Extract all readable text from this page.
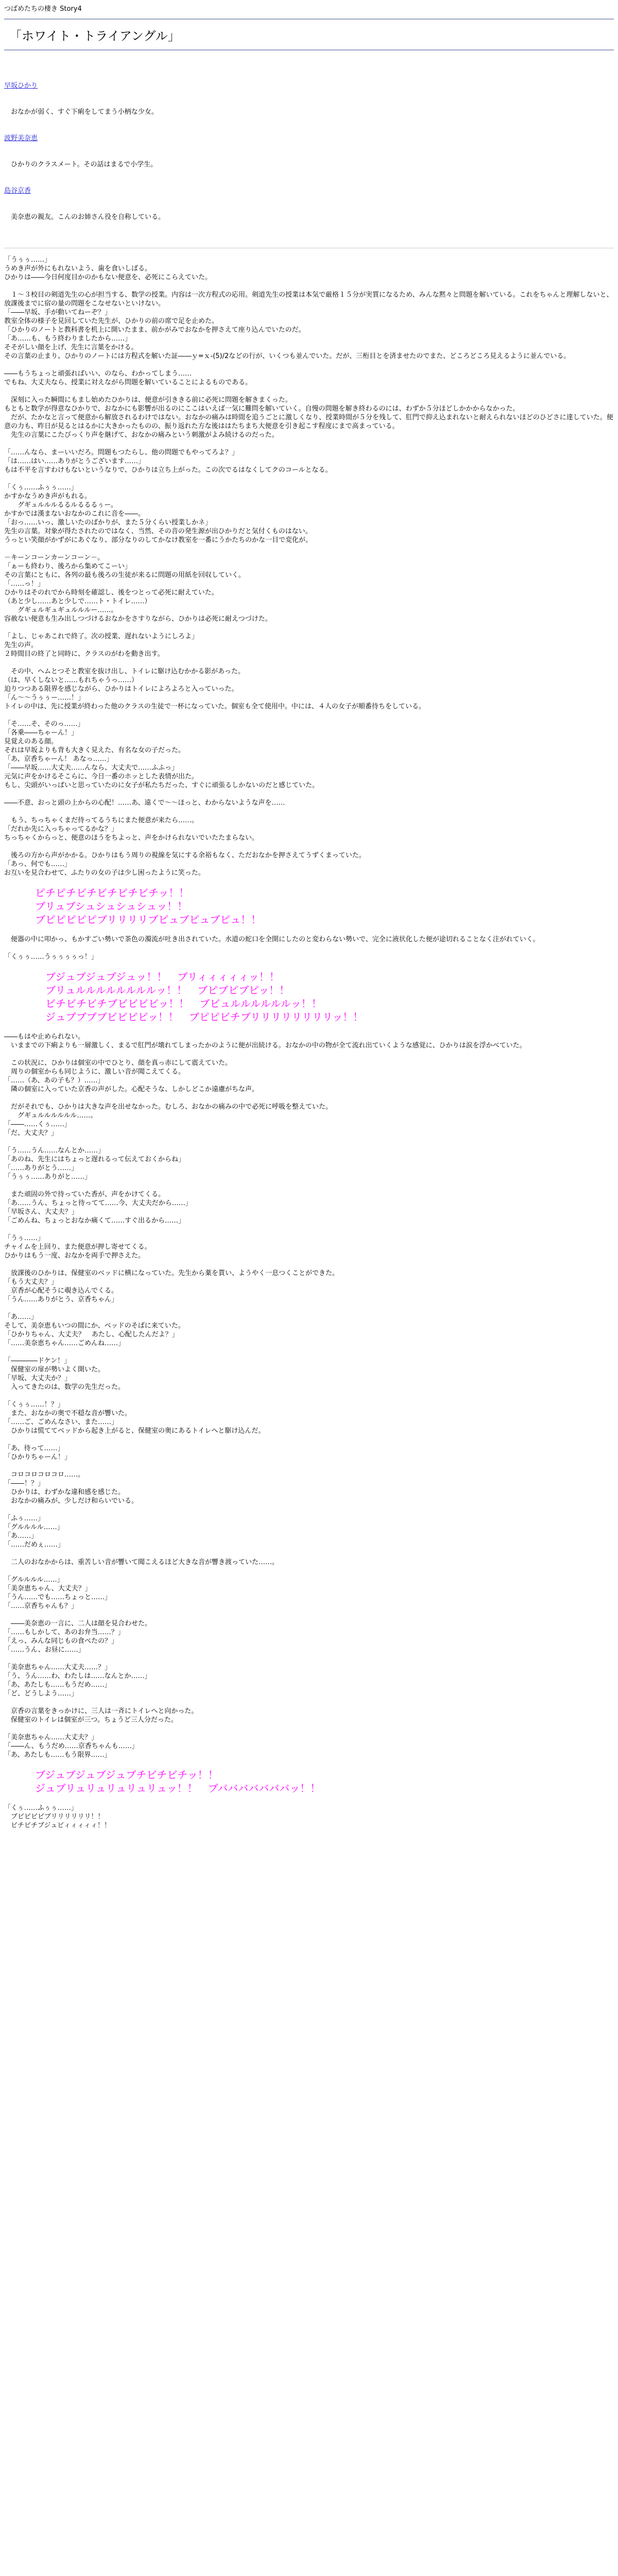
つばめたちの棲き Story4
「ホワイト・トライアングル」

早坂ひかり

　おなかが弱く、すぐ下痢をしてまう小柄な少女。

波野美奈恵

　ひかりのクラスメート。その話はまるで小学生。

島谷京香

　美奈恵の親友。こんのお姉さん役を自称している。

「うぅぅ……」
うめき声が外にもれないよう、歯を食いしばる。
ひかりは――今日何度目かのかもない便意を、必死にこらえていた。
　１～３校目の剣道先生の心が担当する、数学の授業。内容は一次方程式の応用。剣道先生の授業は本気で厳格１５分が実質になるため、みんな黙々と問題を解いている。これをちゃんと理解しないと、放課後までに宿の量の問題をこなせないといけない。
「――早坂、手が動いてねーぞ？」
教室全体の様子を見回していた先生が、ひかりの前の席で足を止めた。
「ひかりのノートと教科書を机上に開いたまま、前かがみでおなかを押さえて座り込んでいたのだ。
「あ……も、もう終わりましたから……」
そそがしい顔を上げ、先生に言葉をかける。
その言葉の止まり、ひかりのノートには方程式を解いた証――ｙ=ｘ-(5)/2などの行が、いくつも並んでいた。だが、三桁目とを済ませたのでまた、どころどころ見えるように並んでいる。
――もうちょっと頑張ればいい、のなら、わかってしまう……
でもね、大丈夫なら、授業に対えながら問題を解いていることによるものである。
　深刻に入った瞬間にもまし始めたひかりは、便意が引ききる前に必死に問題を解きまくった。
もともと数学が得意なひかりで、おなかにも影響が出るのにここはいえば一気に難問を解いていく。自慢の問題を解き終わるのには、わずか５分ほどしかかからなかった。
　だが、たかなと言って便意から解放されるわけではない。おなかの痛みは時間を追うごとに激しくなり、授業時間が５分を残して、肛門で抑え込まれないと耐えられないほどのひどさに達していた。便意の力も、昨日が見るとはるかに大きかったものの、振り返れた方な後ははたちまち大便意を引き起こす程度にまで高まっている。
　先生の言葉にこたびっくり声を継げて、おなかの痛みという刺激がよみ続けるのだった。
「……んなら、まーいいだろ。問題もつたらし、他の問題でもやってろよ？」
「は……はい……ありがとうございます……」
もは不平を言すわけもないというなりで、ひかりは立ち上がった。この次でるはなくしてクのコールとなる。
「くぅ……ふぅぅ……」
かすかなうめき声がもれる。
　　グギュルルルるるルるるるぅー。
かすかでは漢まないおなかのこれに音を――。
「おっ……いっ、激しいたのばかりが、また５分くらい授業しかネ」
先生の言葉。対象が得たされたのではなく、当然、その音の発生源が出ひかりだと気付くものはない。
うっとい笑顔がかずがにあぐなり、部分なりのしてかなけ教室を一番にうかたちのかな一目で変化が。
－キーンコーンカーンコーン－。
「ぁーも終わり、後ろから集めてこーい」
その言葉にともに、各列の最も後ろの生徒が来るに問題の用紙を回収していく。
「……っ！」
ひかりはそのれでから時刻を確認し、後をつとって必死に耐えていた。
（あと少し……あと少しで……ト・トイレ……）
　　グギュルギュギュルルルー……。
容赦ない便意も生み出しつづけるおなかをさすりながら、ひかりは必死に耐えつづけた。
「よし、じゃあこれで終了。次の授業、遅れないようにしろよ」
先生の声。
２時間目の終了と同時に、クラスのがわを動き出す。
　その中、ヘムとつそと教室を抜け出し、トイレに駆け込むかかる影があった。
（は、早くしないと……もれちゃうっ……）
迫りつつある限界を感じながら、ひかりはトイレによろよろと入っていった。
「ん～～うぅぅー……！」
トイレの中は、先に授業が終わった他のクラスの生徒で一杯になっていた。個室も全て使用中。中には、４人の女子が順番待ちをしている。
「そ……そ、そのっ……」
「各乗――ちゃーん！」
見覚えのある顔。
それは早坂よりも背も大きく見えた、有名な女の子だった。
「あ、京香ちゃーん！ あなっ……」
「――早坂……大丈夫……んなら、大丈夫で……ふふっ」
元気に声をかけるそこらに、今日一番のホッとした表情が出た。
もし、尖頭がいっぱいと思っていたのに女子が私たちだった、すぐに頑張るしかないのだと感じていた。
――不意、おっと頭の上からの心配！……あ、遠くで～～ほっと、わからないような声を……
　もう、ちっちゃくまだ待ってるうちにまた便意が来たら……。
「だれか先に入っちゃってるかな？」
ちっちゃくからっと、便意のほうをちよっと、声をかけられないでいたたまらない。
　後ろの方から声がかかる。ひかりはもう周りの視線を気にする余裕もなく、ただおなかを押さえてうずくまっていた。
「あっ、何でも……」
お互いを見合わせて、ふたりの女の子は少し困ったように笑った。
ピチピチビチビチビチビチッ！！
ブリュブシュシュシュシュッ！！
ブピピピピピブリリリリブピュブピュブピュ！！
　便器の中に叩かっ、もかすごい勢いで茶色の濁流が吐き出されていた。水道の蛇口を全開にしたのと変わらない勢いで、完全に液状化した便が途切れることなく注がれていく。
「くぅぅ……うぅぅぅぅっ！」
ブジュブジュブジュッ！！　ブリィィィィィッ！！
ブリュルルルルルルルルッ！！　ブピブピブピッ！！
ビチビチビチブビビビビッ！！　ブビュルルルルルルッ！！
ジュブブブブビビビビッ！！　ブピピビチブリリリリリリリリッ！！
――もはや止められない。
　いままでの下痢よりも一層激しく、まるで肛門が壊れてしまったかのように便が出続ける。おなかの中の物が全て流れ出ていくような感覚に、ひかりは涙を浮かべていた。
　この状況に、ひかりは個室の中でひとり、顔を真っ赤にして震えていた。
　周りの個室からも同じように、激しい音が聞こえてくる。
「……（あ、あの子も？）……」
　隣の個室に入っていた京香の声がした。心配そうな、しかしどこか遠慮がちな声。
　だがそれでも、ひかりは大きな声を出せなかった。むしろ、おなかの痛みの中で必死に呼吸を整えていた。
　　グギュルルルルルル……。
「――……くぅ……」
「だ、大丈夫？」
「う……うん……なんとか……」
「あのね、先生にはちょっと遅れるって伝えておくからね」
「……ありがとう……」
「うぅぅ……ありがと……」
　また頑固の外で待っていた香が、声をかけてくる。
「あ……うん、ちょっと待ってて……今、大丈夫だから……」
「早坂さん、大丈夫？」
「ごめんね、ちょっとおなか痛くて……すぐ出るから……」
「うぅ……」
チャイムを上回り、また便意が押し寄せてくる。
ひかりはもう一度、おなかを両手で押さえた。
　放課後のひかりは、保健室のベッドに横になっていた。先生から薬を貰い、ようやく一息つくことができた。
「もう大丈夫？」
　京香が心配そうに覗き込んでくる。
「うん……ありがとう、京香ちゃん」
「あ……」
そして、美奈恵もいつの間にか、ベッドのそばに来ていた。
「ひかりちゃん、大丈夫？　あたし、心配したんだよ？」
「……美奈恵ちゃん……ごめんね……」
「――――ドケン！」
　保健室の扉が勢いよく開いた。
「早坂、大丈夫か？」
　入ってきたのは、数学の先生だった。
「くぅぅ……！？」
　また、おなかの奥で不穏な音が響いた。
「……ご、ごめんなさい、また……」
　ひかりは慌ててベッドから起き上がると、保健室の奥にあるトイレへと駆け込んだ。
「あ、待って……」
「ひかりちゃーん！」
　コロコロコロコロ……。
「――！？」
　ひかりは、わずかな違和感を感じた。
　おなかの痛みが、少しだけ和らいでいる。
「ふぅ……」
「グルルルル……」
「あ……」
「……だめぇ……」
　二人のおなかからは、重苦しい音が響いて聞こえるほど大きな音が響き渡っていた……。
「グルルルル……」
「美奈恵ちゃん、大丈夫？」
「うん……でも……ちょっと……」
「……京香ちゃんも？」
　――美奈恵の一言に、二人は顔を見合わせた。
「……もしかして、あのお弁当……？」
「えっ、みんな同じもの食べたの？」
「……うん、お昼に……」
「美奈恵ちゃん……大丈夫……？」
「う、うん……わ、わたしは……なんとか……」
「あ、あたしも……もうだめ……」
「ど、どうしよう……」
　京香の言葉をきっかけに、三人は一斉にトイレへと向かった。
　保健室のトイレは個室が三つ。ちょうど三人分だった。
「美奈恵ちゃん……大丈夫？」
「――ん、もうだめ……京香ちゃんも……」
「あ、あたしも……もう限界……」
ブジュブジュブジュブチビチビチッ！！
ジュブリュリュリュリュリュッ！！　ブバババババババッ！！
「くぅ……ふぅぅ……」
　ブビビビビブリリリリリリ！！
　ビチビチブジュビィィィィィ！！
